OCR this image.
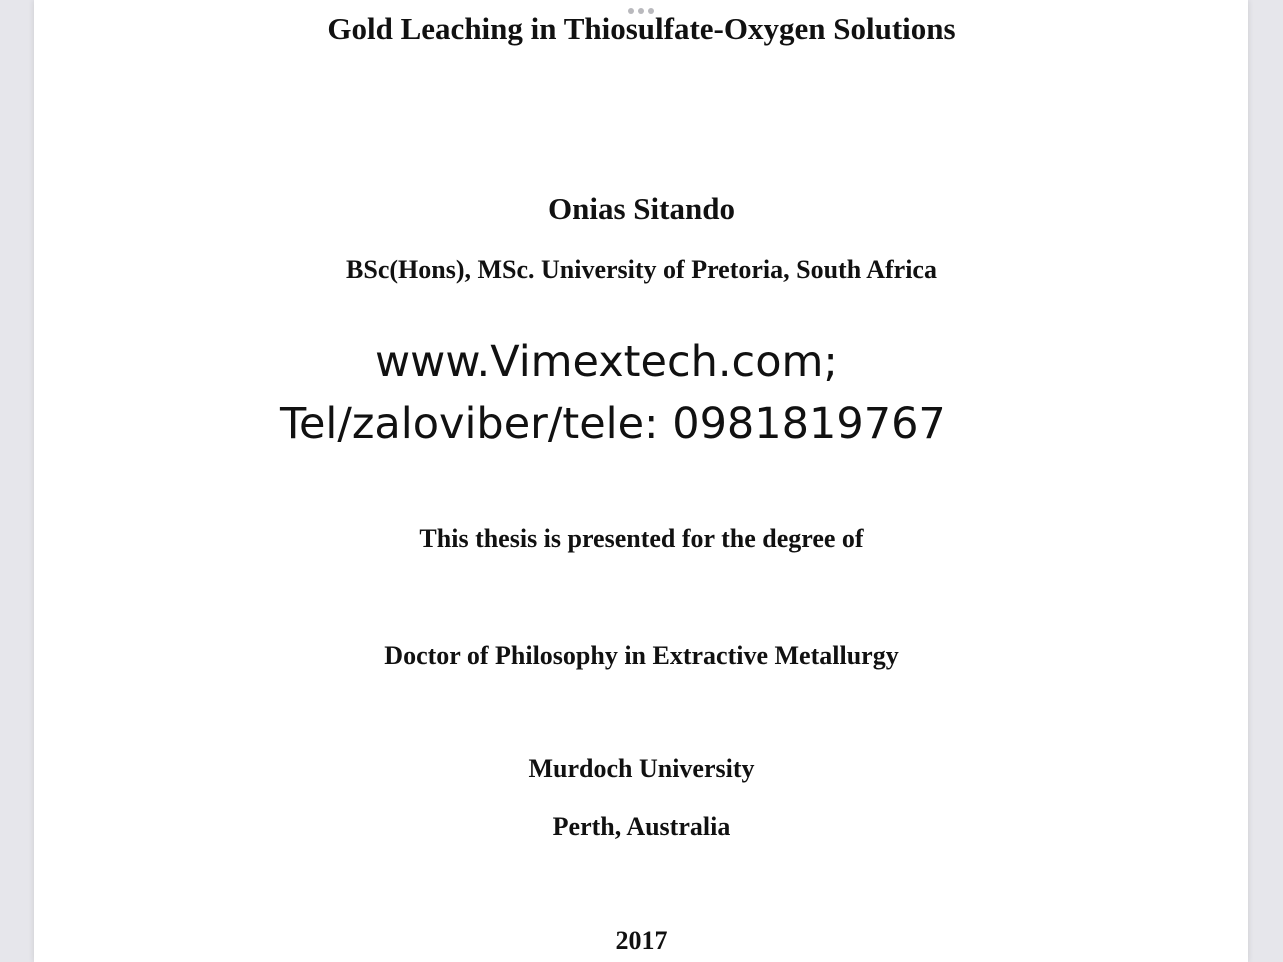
Gold Leaching in Thiosulfate-Oxygen Solutions

Onias Sitando

BSc(Hons), MSc. University of Pretoria, South Africa

www.Vimextech.com;

Tel/zaloviber/tele: 0981819767

This thesis is presented for the degree of

Doctor of Philosophy in Extractive Metallurgy

Murdoch University

Perth, Australia

2017
